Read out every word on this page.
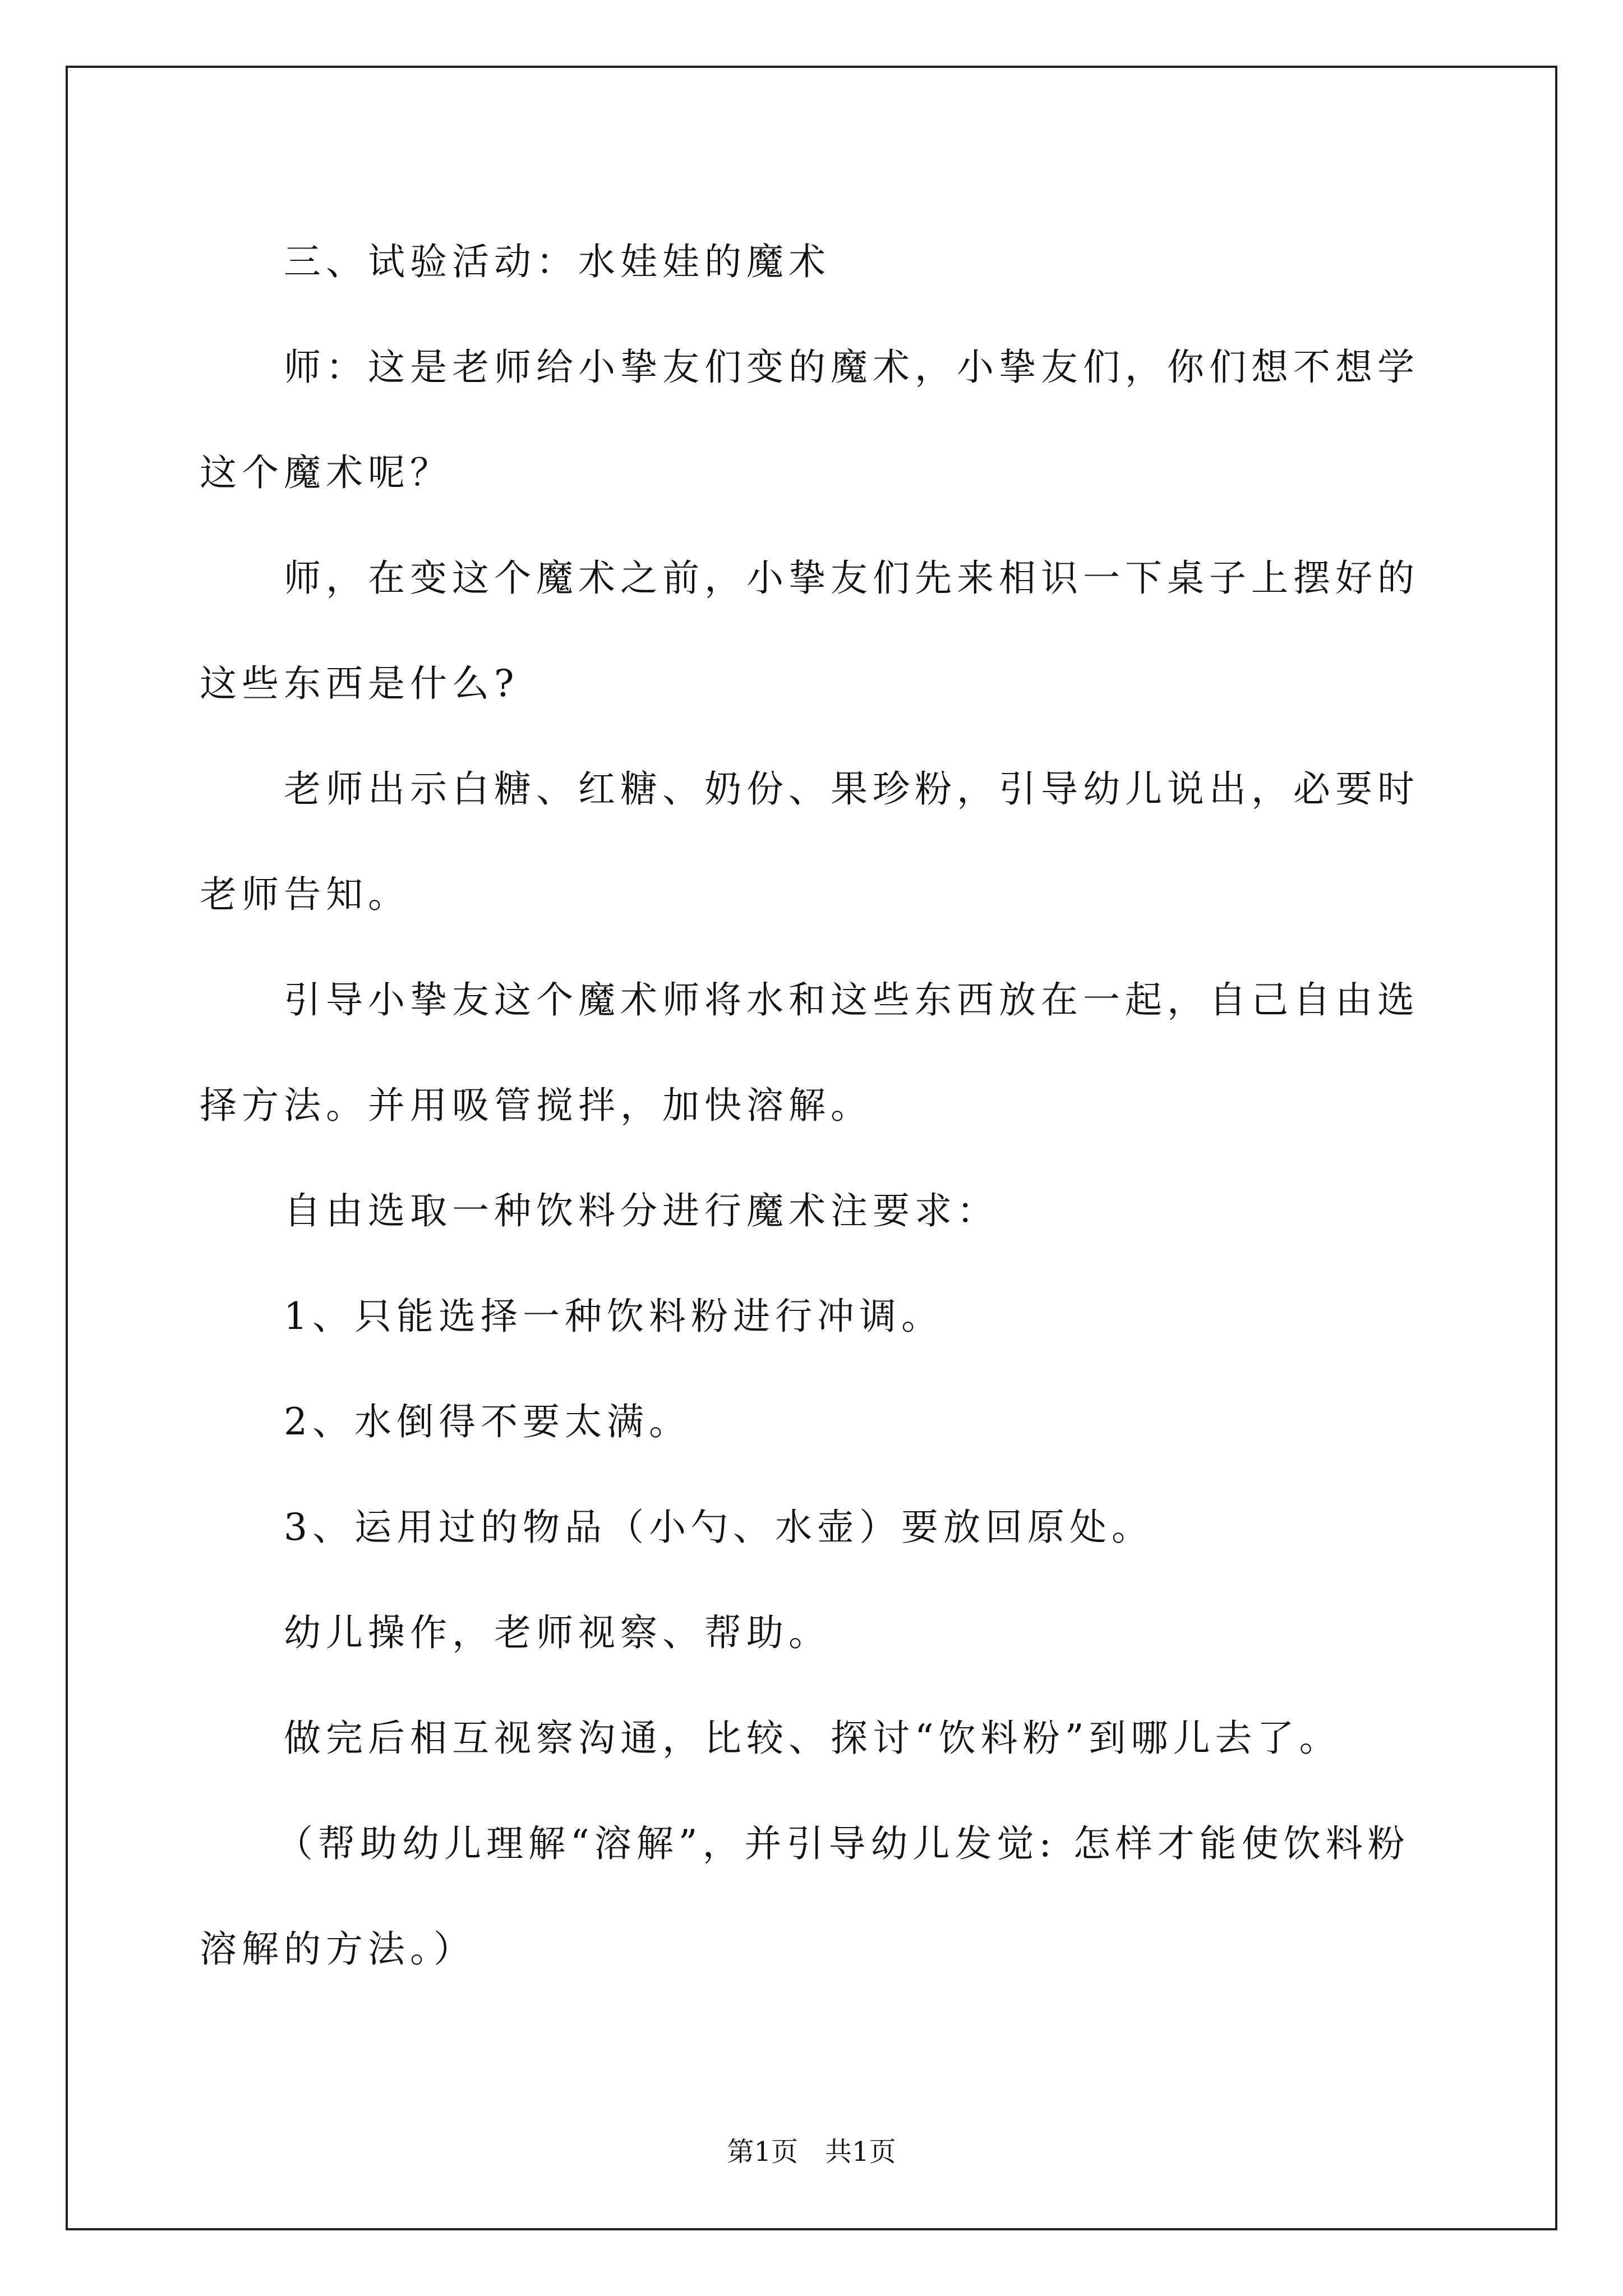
三、试验活动：水娃娃的魔术

师：这是老师给小挚友们变的魔术，小挚友们，你们想不想学这个魔术呢？

师，在变这个魔术之前，小挚友们先来相识一下桌子上摆好的这些东西是什么?

老师出示白糖、红糖、奶份、果珍粉，引导幼儿说出，必要时老师告知。

引导小挚友这个魔术师将水和这些东西放在一起，自己自由选择方法。并用吸管搅拌，加快溶解。

自由选取一种饮料分进行魔术注要求：

1、只能选择一种饮料粉进行冲调。

2、水倒得不要太满。

3、运用过的物品（小勺、水壶）要放回原处。

幼儿操作，老师视察、帮助。

做完后相互视察沟通，比较、探讨“饮料粉”到哪儿去了。

（帮助幼儿理解“溶解”，并引导幼儿发觉: 怎样才能使饮料粉溶解的方法。）

第1页 共1页
